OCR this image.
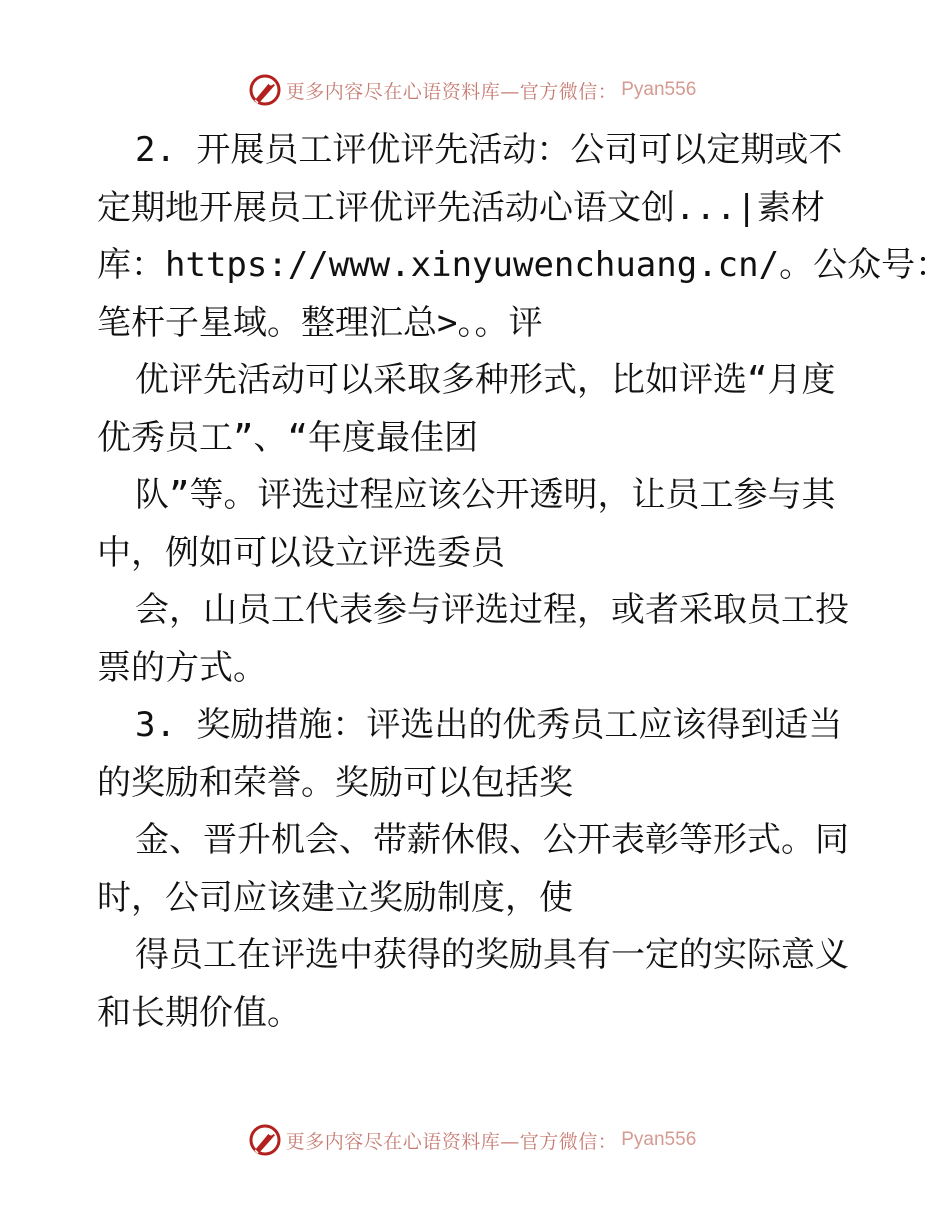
更多内容尽在心语资料库—官方微信： Pyan556
2. 开展员工评优评先活动：公司可以定期或不
定期地开展员工评优评先活动心语文创...|素材
库：https://www.xinyuwenchuang.cn/。公众号：
笔杆子星域。整理汇总>。。评
优评先活动可以采取多种形式，比如评选“月度
优秀员工”、“年度最佳团
队”等。评选过程应该公开透明，让员工参与其
中，例如可以设立评选委员
会，山员工代表参与评选过程，或者采取员工投
票的方式。
3. 奖励措施：评选出的优秀员工应该得到适当
的奖励和荣誉。奖励可以包括奖
金、晋升机会、带薪休假、公开表彰等形式。同
时，公司应该建立奖励制度，使
得员工在评选中获得的奖励具有一定的实际意义
和长期价值。
更多内容尽在心语资料库—官方微信： Pyan556
